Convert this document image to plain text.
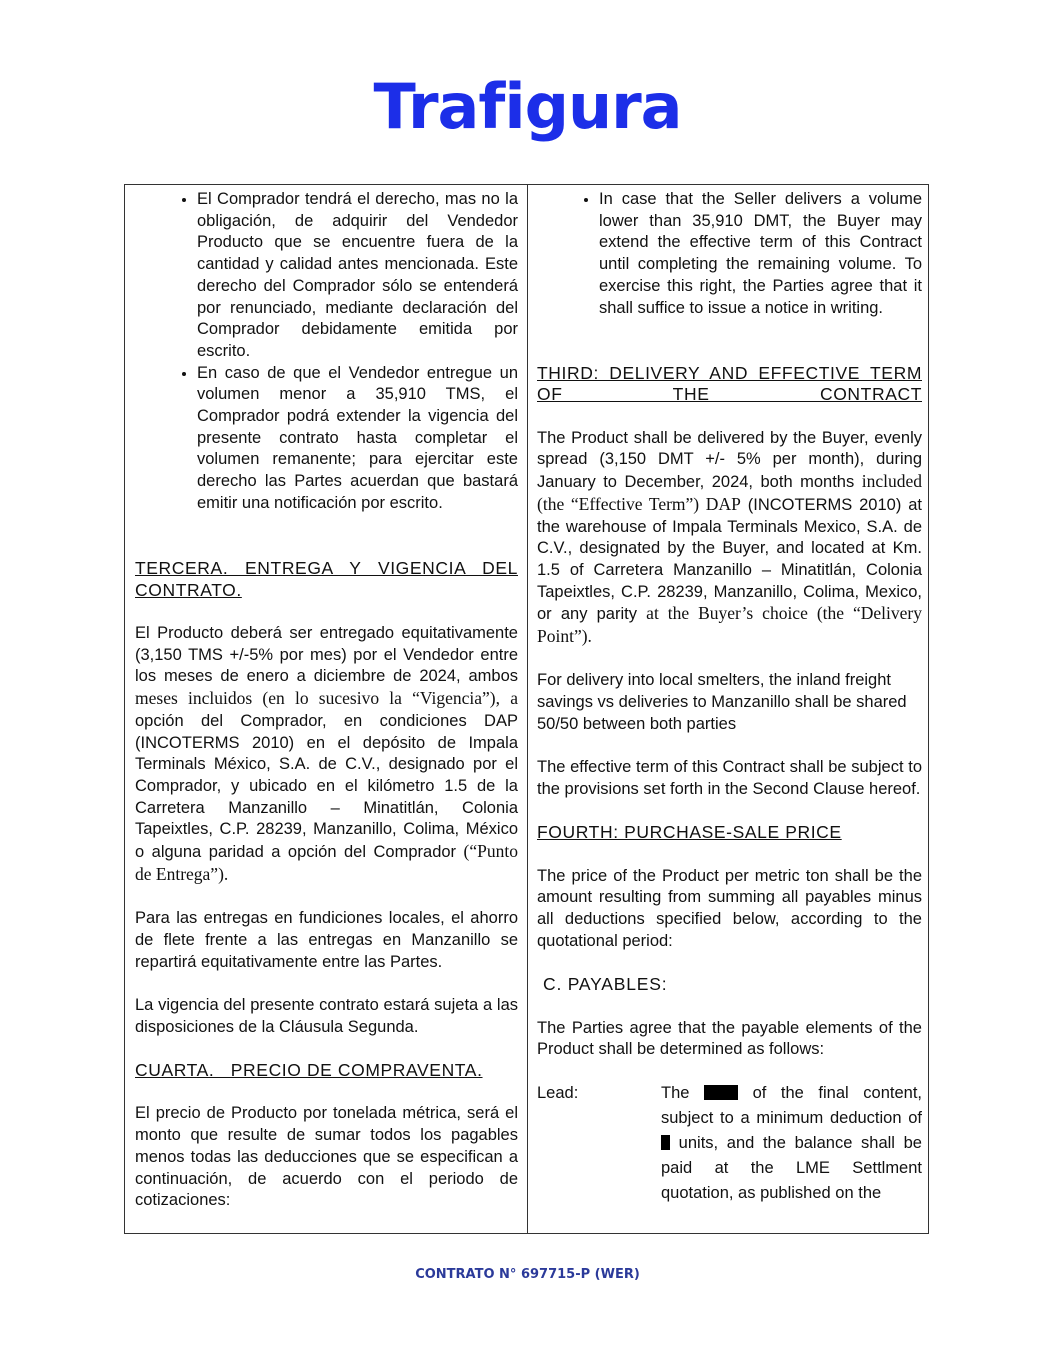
Trafigura
• El Comprador tendrá el derecho, mas no la obligación, de adquirir del Vendedor Producto que se encuentre fuera de la cantidad y calidad antes mencionada. Este derecho del Comprador sólo se entenderá por renunciado, mediante declaración del Comprador debidamente emitida por escrito.
• En caso de que el Vendedor entregue un volumen menor a 35,910 TMS, el Comprador podrá extender la vigencia del presente contrato hasta completar el volumen remanente; para ejercitar este derecho las Partes acuerdan que bastará emitir una notificación por escrito.

TERCERA. ENTREGA Y VIGENCIA DEL CONTRATO.

El Producto deberá ser entregado equitativamente (3,150 TMS +/-5% por mes) por el Vendedor entre los meses de enero a diciembre de 2024, ambos meses incluidos (en lo sucesivo la “Vigencia”), a opción del Comprador, en condiciones DAP (INCOTERMS 2010) en el depósito de Impala Terminals México, S.A. de C.V., designado por el Comprador, y ubicado en el kilómetro 1.5 de la Carretera Manzanillo – Minatitlán, Colonia Tapeixtles, C.P. 28239, Manzanillo, Colima, México o alguna paridad a opción del Comprador (“Punto de Entrega”).

Para las entregas en fundiciones locales, el ahorro de flete frente a las entregas en Manzanillo se repartirá equitativamente entre las Partes.

La vigencia del presente contrato estará sujeta a las disposiciones de la Cláusula Segunda.

CUARTA.   PRECIO DE COMPRAVENTA.

El precio de Producto por tonelada métrica, será el monto que resulte de sumar todos los pagables menos todas las deducciones que se especifican a continuación, de acuerdo con el periodo de cotizaciones:

• In case that the Seller delivers a volume lower than 35,910 DMT, the Buyer may extend the effective term of this Contract until completing the remaining volume. To exercise this right, the Parties agree that it shall suffice to issue a notice in writing.

THIRD: DELIVERY AND EFFECTIVE TERM OF THE CONTRACT

The Product shall be delivered by the Buyer, evenly spread (3,150 DMT +/- 5% per month), during January to December, 2024, both months included (the “Effective Term”) DAP (INCOTERMS 2010) at the warehouse of Impala Terminals Mexico, S.A. de C.V., designated by the Buyer, and located at Km. 1.5 of Carretera Manzanillo – Minatitlán, Colonia Tapeixtles, C.P. 28239, Manzanillo, Colima, Mexico, or any parity at the Buyer’s choice (the “Delivery Point”).

For delivery into local smelters, the inland freight savings vs deliveries to Manzanillo shall be shared 50/50 between both parties

The effective term of this Contract shall be subject to the provisions set forth in the Second Clause hereof.

FOURTH: PURCHASE-SALE PRICE

The price of the Product per metric ton shall be the amount resulting from summing all payables minus all deductions specified below, according to the quotational period:

C. PAYABLES:

The Parties agree that the payable elements of the Product shall be determined as follows:

Lead:	The	of the final content, subject to a minimum deduction of  units, and the balance shall be paid at the LME Settlment quotation, as published on the
CONTRATO N° 697715-P (WER)
